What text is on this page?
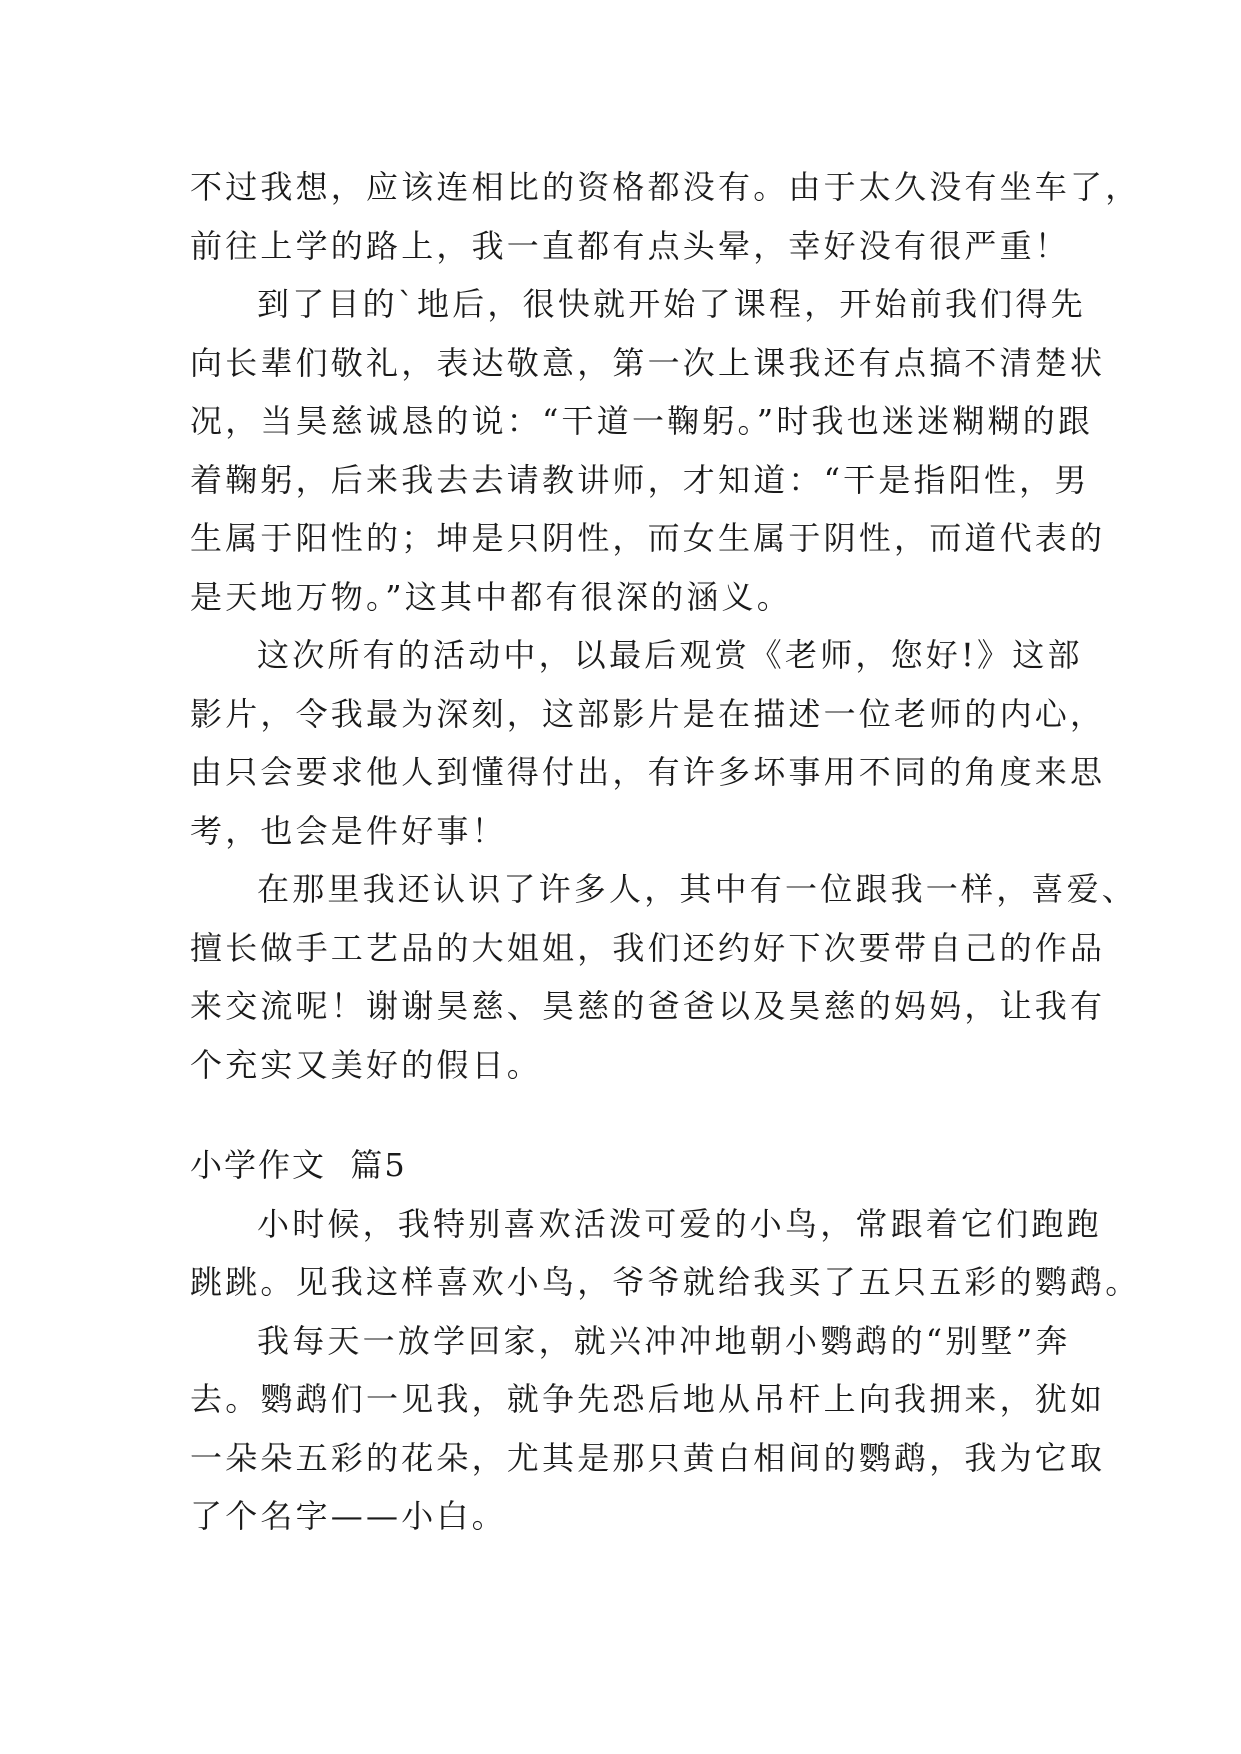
不过我想，应该连相比的资格都没有。由于太久没有坐车了，
前往上学的路上，我一直都有点头晕，幸好没有很严重！
到了目的`地后，很快就开始了课程，开始前我们得先
向长辈们敬礼，表达敬意，第一次上课我还有点搞不清楚状
况，当昊慈诚恳的说：“干道一鞠躬。”时我也迷迷糊糊的跟
着鞠躬，后来我去去请教讲师，才知道：“干是指阳性，男
生属于阳性的；坤是只阴性，而女生属于阴性，而道代表的
是天地万物。”这其中都有很深的涵义。
这次所有的活动中，以最后观赏《老师，您好!》这部
影片，令我最为深刻，这部影片是在描述一位老师的内心，
由只会要求他人到懂得付出，有许多坏事用不同的角度来思
考，也会是件好事！
在那里我还认识了许多人，其中有一位跟我一样，喜爱、
擅长做手工艺品的大姐姐，我们还约好下次要带自己的作品
来交流呢！谢谢昊慈、昊慈的爸爸以及昊慈的妈妈，让我有
个充实又美好的假日。
小学作文  篇5
小时候，我特别喜欢活泼可爱的小鸟，常跟着它们跑跑
跳跳。见我这样喜欢小鸟，爷爷就给我买了五只五彩的鹦鹉。
我每天一放学回家，就兴冲冲地朝小鹦鹉的“别墅”奔
去。鹦鹉们一见我，就争先恐后地从吊杆上向我拥来，犹如
一朵朵五彩的花朵，尤其是那只黄白相间的鹦鹉，我为它取
了个名字——小白。
